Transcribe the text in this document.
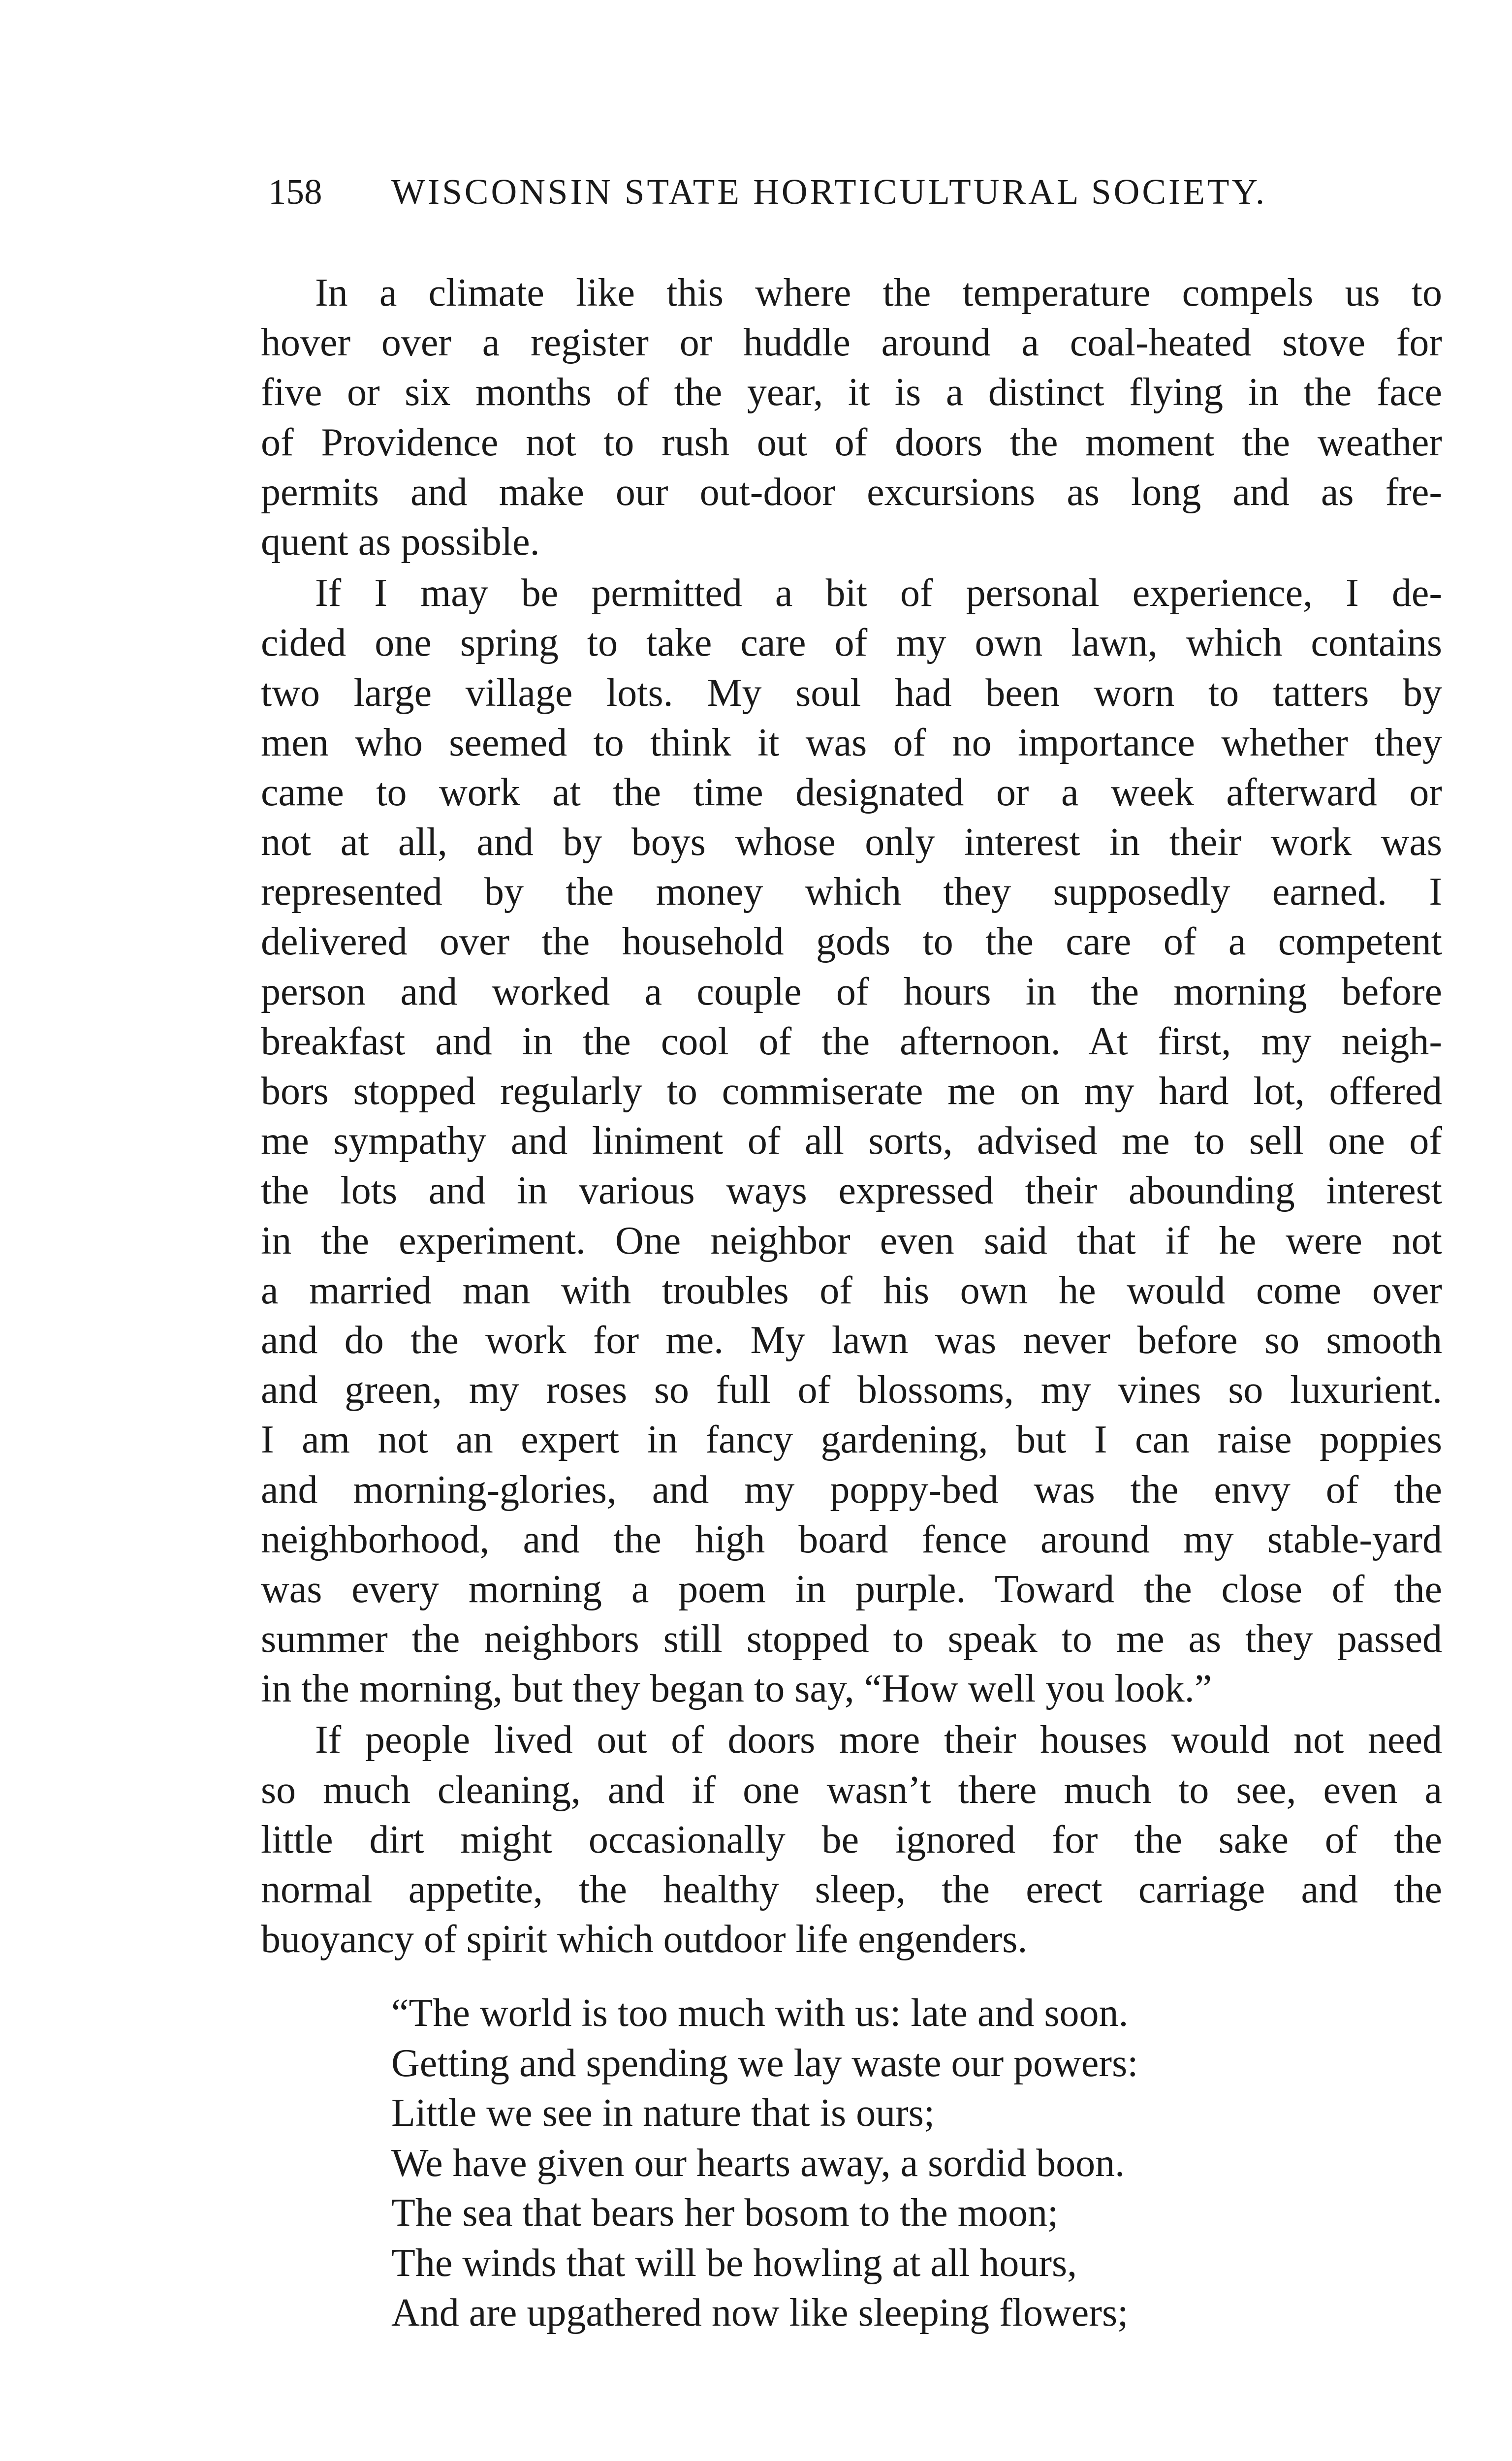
158 WISCONSIN STATE HORTICULTURAL SOCIETY.
In a climate like this where the temperature compels us to
hover over a register or huddle around a coal-heated stove for
five or six months of the year, it is a distinct flying in the face
of Providence not to rush out of doors the moment the weather
permits and make our out-door excursions as long and as fre-
quent as possible.
If I may be permitted a bit of personal experience, I de-
cided one spring to take care of my own lawn, which contains
two large village lots. My soul had been worn to tatters by
men who seemed to think it was of no importance whether they
came to work at the time designated or a week afterward or
not at all, and by boys whose only interest in their work was
represented by the money which they supposedly earned. I
delivered over the household gods to the care of a competent
person and worked a couple of hours in the morning before
breakfast and in the cool of the afternoon. At first, my neigh-
bors stopped regularly to commiserate me on my hard lot, offered
me sympathy and liniment of all sorts, advised me to sell one of
the lots and in various ways expressed their abounding interest
in the experiment. One neighbor even said that if he were not
a married man with troubles of his own he would come over
and do the work for me. My lawn was never before so smooth
and green, my roses so full of blossoms, my vines so luxurient.
I am not an expert in fancy gardening, but I can raise poppies
and morning-glories, and my poppy-bed was the envy of the
neighborhood, and the high board fence around my stable-yard
was every morning a poem in purple. Toward the close of the
summer the neighbors still stopped to speak to me as they passed
in the morning, but they began to say, “How well you look.”
If people lived out of doors more their houses would not need
so much cleaning, and if one wasn’t there much to see, even a
little dirt might occasionally be ignored for the sake of the
normal appetite, the healthy sleep, the erect carriage and the
buoyancy of spirit which outdoor life engenders.
“The world is too much with us: late and soon.
Getting and spending we lay waste our powers:
Little we see in nature that is ours;
We have given our hearts away, a sordid boon.
The sea that bears her bosom to the moon;
The winds that will be howling at all hours,
And are upgathered now like sleeping flowers;
